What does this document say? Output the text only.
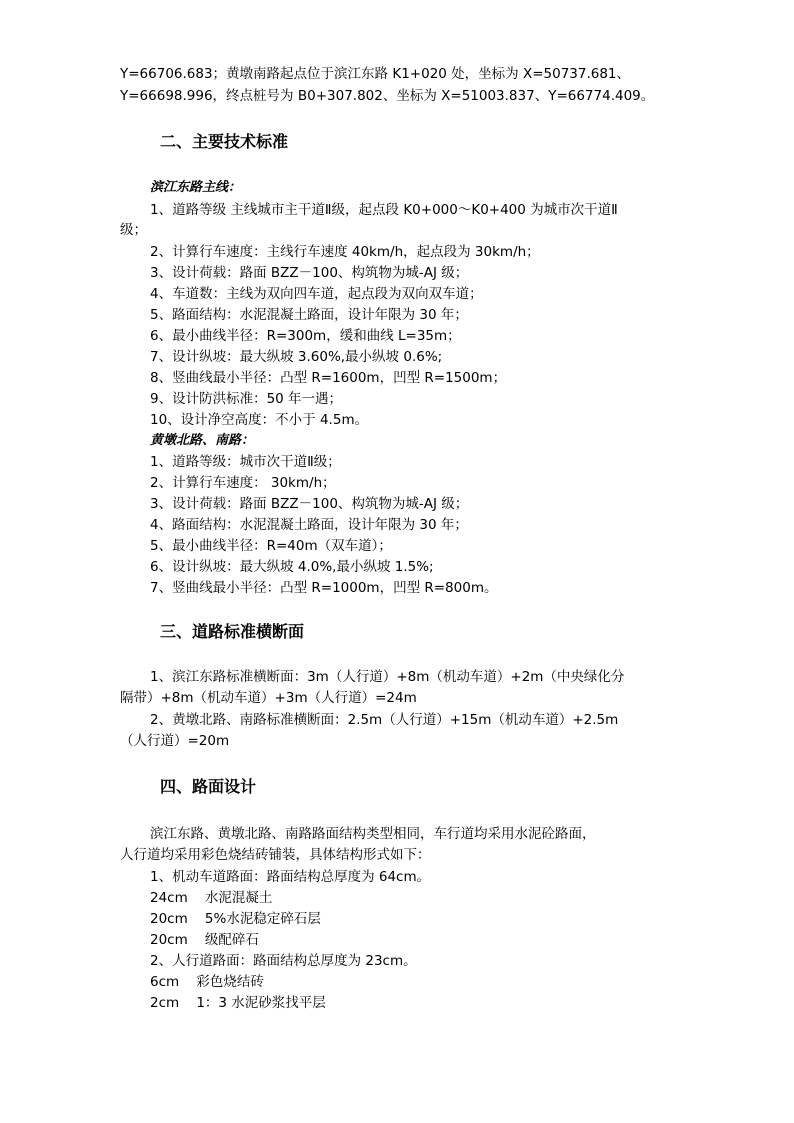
Y=66706.683；黄墩南路起点位于滨江东路 K1+020 处，坐标为 X=50737.681、

Y=66698.996，终点桩号为 B0+307.802、坐标为 X=51003.837、Y=66774.409。

二、主要技术标准

滨江东路主线：

1、道路等级 主线城市主干道Ⅱ级，起点段 K0+000～K0+400 为城市次干道Ⅱ

级；

2、计算行车速度：主线行车速度 40km/h，起点段为 30km/h；

3、设计荷载：路面 BZZ－100、构筑物为城-AJ 级；

4、车道数：主线为双向四车道，起点段为双向双车道；

5、路面结构：水泥混凝土路面，设计年限为 30 年；

6、最小曲线半径：R=300m，缓和曲线 L=35m；

7、设计纵坡：最大纵坡 3.60%,最小纵坡 0.6%;

8、竖曲线最小半径：凸型 R=1600m，凹型 R=1500m；

9、设计防洪标准：50 年一遇；

10、设计净空高度：不小于 4.5m。

黄墩北路、南路：

1、道路等级：城市次干道Ⅱ级；

2、计算行车速度： 30km/h；

3、设计荷载：路面 BZZ－100、构筑物为城-AJ 级；

4、路面结构：水泥混凝土路面，设计年限为 30 年；

5、最小曲线半径：R=40m（双车道）；

6、设计纵坡：最大纵坡 4.0%,最小纵坡 1.5%;

7、竖曲线最小半径：凸型 R=1000m，凹型 R=800m。

三、道路标准横断面

1、滨江东路标准横断面：3m（人行道）+8m（机动车道）+2m（中央绿化分

隔带）+8m（机动车道）+3m（人行道）=24m

2、黄墩北路、南路标准横断面：2.5m（人行道）+15m（机动车道）+2.5m

（人行道）=20m

四、路面设计

滨江东路、黄墩北路、南路路面结构类型相同，车行道均采用水泥砼路面，

人行道均采用彩色烧结砖铺装，具体结构形式如下：

1、机动车道路面：路面结构总厚度为 64cm。

24cm    水泥混凝土

20cm    5%水泥稳定碎石层

20cm    级配碎石

2、人行道路面：路面结构总厚度为 23cm。

6cm    彩色烧结砖

2cm    1：3 水泥砂浆找平层
